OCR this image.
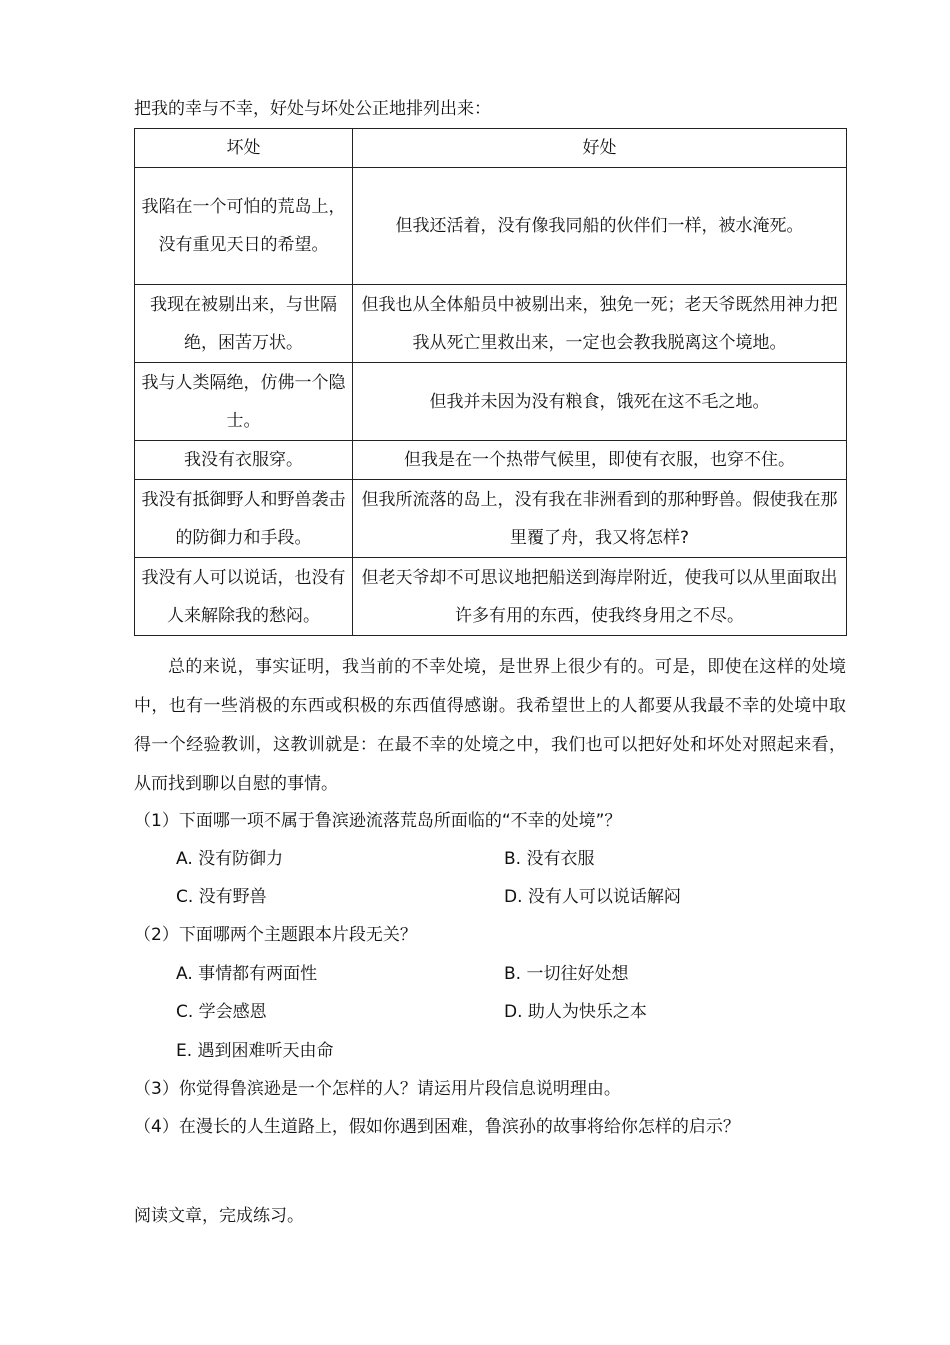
把我的幸与不幸，好处与坏处公正地排列出来：
坏处	好处
我陷在一个可怕的荒岛上，没有重见天日的希望。	但我还活着，没有像我同船的伙伴们一样，被水淹死。
我现在被剔出来，与世隔绝，困苦万状。	但我也从全体船员中被剔出来，独免一死；老天爷既然用神力把我从死亡里救出来，一定也会教我脱离这个境地。
我与人类隔绝，仿佛一个隐士。	但我并未因为没有粮食，饿死在这不毛之地。
我没有衣服穿。	但我是在一个热带气候里，即使有衣服，也穿不住。
我没有抵御野人和野兽袭击的防御力和手段。	但我所流落的岛上，没有我在非洲看到的那种野兽。假使我在那里覆了舟，我又将怎样?
我没有人可以说话，也没有人来解除我的愁闷。	但老天爷却不可思议地把船送到海岸附近，使我可以从里面取出许多有用的东西，使我终身用之不尽。

总的来说，事实证明，我当前的不幸处境，是世界上很少有的。可是，即使在这样的处境中，也有一些消极的东西或积极的东西值得感谢。我希望世上的人都要从我最不幸的处境中取得一个经验教训，这教训就是：在最不幸的处境之中，我们也可以把好处和坏处对照起来看，从而找到聊以自慰的事情。

（1）下面哪一项不属于鲁滨逊流落荒岛所面临的“不幸的处境”？
A. 没有防御力	B. 没有衣服
C. 没有野兽	D. 没有人可以说话解闷
（2）下面哪两个主题跟本片段无关？
A. 事情都有两面性	B. 一切往好处想
C. 学会感恩	D. 助人为快乐之本
E. 遇到困难听天由命
（3）你觉得鲁滨逊是一个怎样的人？请运用片段信息说明理由。
（4）在漫长的人生道路上，假如你遇到困难，鲁滨孙的故事将给你怎样的启示？
阅读文章，完成练习。
